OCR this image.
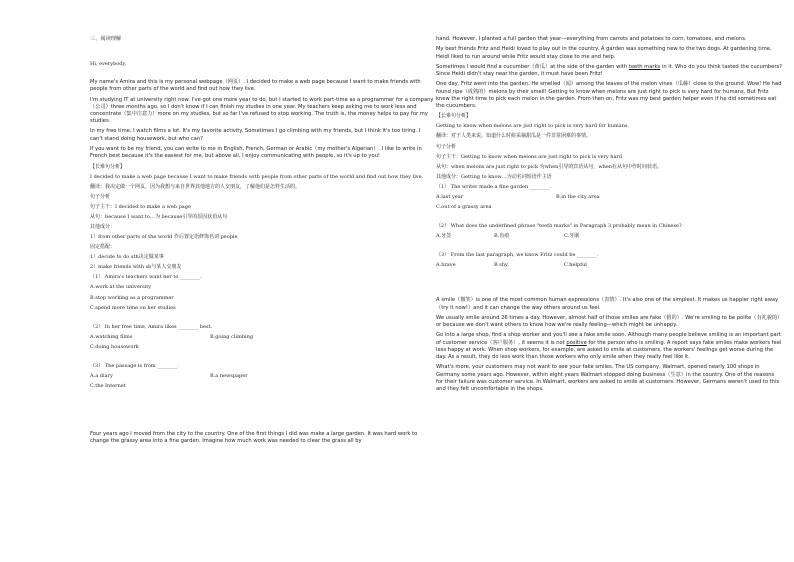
三、阅读理解

Hi, everybody,

My name's Amira and this is my personal webpage（网页）. I decided to make a web page because I want to make friends with people from other parts of the world and find out how they live.

I'm studying IT at university right now. I've got one more year to do, but I started to work part-time as a programmer for a company（公司）three months ago, so I don't know if I can finish my studies in one year. My teachers keep asking me to work less and concentrate（集中注意力）more on my studies, but so far I've refused to stop working. The truth is, the money helps to pay for my studies.

In my free time, I watch films a lot. It's my favorite activity. Sometimes I go climbing with my friends, but I think it's too tiring. I can't stand doing housework, but who can?

If you want to be my friend, you can write to me in English, French, German or Arabic（my mother's Algerian）. I like to write in French best because it's the easiest for me, but above all, I enjoy communicating with people, so it's up to you!

【长难句分析】

I decided to make a web page because I want to make friends with people from other parts of the world and find out how they live.

翻译：我决定做一个网页，因为我想与来自世界其他地方的人交朋友，了解他们是怎样生活的。

句子分析

句子主干：I decided to make a web page

从句：because I want to…为 because引导的原因状语从句

其他成分：

1）from other parts of the world 作后置定语修饰名词 people

固定搭配：

1）decide to do sth决定做某事

2）make friends with sb与某人交朋友

（1） Amira's teachers want her to ________.

A.work at the university

B.stop working as a programmer

C.spend more time on her studies

（2） In her free time, Amira likes ________ best.

A.watching films	B.going climbing

C.doing housework

（3） The passage is from ________.

A.a diary	B.a newspaper

C.the Internet

Four years ago I moved from the city to the country. One of the first things I did was make a large garden. It was hard work to change the grassy area into a fine garden. Imagine how much work was needed to clear the grass all by

hand. However, I planted a full garden that year—everything from carrots and potatoes to corn, tomatoes, and melons.

My best friends Fritz and Heidi loved to play out in the country. A garden was something new to the two dogs. At gardening time, Heidi liked to run around while Fritz would stay close to me and help.

Sometimes I would find a cucumber（黄瓜）at the side of the garden with teeth marks in it. Who do you think tasted the cucumbers? Since Heidi didn't stay near the garden, it must have been Fritz!

One day, Fritz went into the garden. He smelled（闻）among the leaves of the melon vines（瓜藤）close to the ground. Wow! He had found ripe（成熟的）melons by their smell! Getting to know when melons are just right to pick is very hard for humans. But Fritz knew the right time to pick each melon in the garden. From then on, Fritz was my best garden helper even if he did sometimes eat the cucumbers.

【长难句分析】

Getting to know when melons are just right to pick is very hard for humans.

翻译：对于人类来说，知道什么时候采摘甜瓜是一件非常困难的事情。

句子分析

句子主干：Getting to know when melons are just right to pick is very hard

从句：when melons are just right to pick 为when引导的宾语从句，when在从句中作时间状语。

其他成分：Getting to know…为动名词短语作主语

（1） The writer made a fine garden ________.

A.last year	B.in the city area

C.out of a grassy area

（2） What does the underlined phrase "teeth marks" in Paragraph 3 probably mean in Chinese?

A.牙签	B.齿痕	C.牙刷

（3） From the last paragraph, we know Fritz could be ________.

A.brave	B.shy	C.helpful

A smile（微笑）is one of the most common human expressions（表情）. It's also one of the simplest. It makes us happier right away（try it now!）and it can change the way others around us feel.

We usually smile around 26 times a day. However, almost half of those smiles are fake（假的）. We're smiling to be polite（有礼貌的）or because we don't want others to know how we're really feeling—which might be unhappy.

Go into a large shop, find a shop worker and you'll see a fake smile soon. Although many people believe smiling is an important part of customer service（客户服务）, it seems it is not positive for the person who is smiling. A report says fake smiles make workers feel less happy at work. When shop workers, for example, are asked to smile at customers, the workers' feelings get worse during the day. As a result, they do less work than those workers who only smile when they really feel like it.

What's more, your customers may not want to see your fake smiles. The US company, Walmart, opened nearly 100 shops in Germany some years ago. However, within eight years Walmart stopped doing business（生意）in the country. One of the reasons for their failure was customer service. In Walmart, workers are asked to smile at customers. However, Germans weren't used to this and they felt uncomfortable in the shops.
